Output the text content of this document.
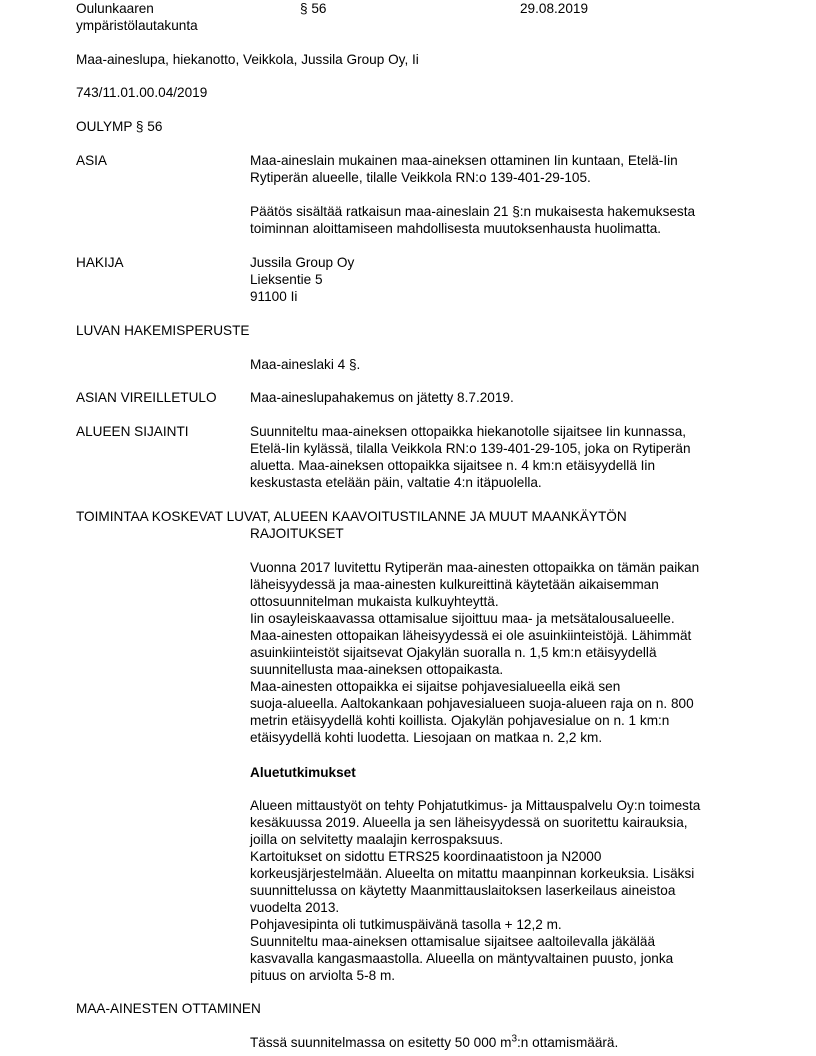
Oulunkaaren
ympäristölautakunta
§ 56	29.08.2019
Maa-ainеslupa, hiekanotto, Veikkola, Jussila Group Oy, Ii
743/11.01.00.04/2019
OULYMP § 56
ASIA	Maa-aineslain mukainen maa-aineksen ottaminen Iin kuntaan, Etelä-Iin
Rytiperän alueelle, tilalle Veikkola RN:o 139-401-29-105.

Päätös sisältää ratkaisun maa-aineslain 21 §:n mukaisesta hakemuksesta
toiminnan aloittamiseen mahdollisesta muutoksenhausta huolimatta.

HAKIJA	Jussila Group Oy
Lieksentie 5
91100 Ii
LUVAN HAKEMISPERUSTE
Maa-aineslaki 4 §.
ASIAN VIREILLETULO Maa-aineslupahakemus on jätetty 8.7.2019.
ALUEEN SIJAINTI	Suunniteltu maa-aineksen ottopaikka hiekanotolle sijaitsee Iin kunnassa,
Etelä-Iin kylässä, tilalla Veikkola RN:o 139-401-29-105, joka on Rytiperän
aluetta. Maa-aineksen ottopaikka sijaitsee n. 4 km:n etäisyydellä Iin
keskustasta etelään päin, valtatie 4:n itäpuolella.

TOIMINTAA KOSKEVAT LUVAT, ALUEEN KAAVOITUSTILANNE JA MUUT MAANKÄYTÖN
RAJOITUKSET

Vuonna 2017 luvitettu Rytiperän maa-ainesten ottopaikka on tämän paikan
läheisyydessä ja maa-ainesten kulkureittinä käytetään aikaisemman
ottosuunnitelman mukaista kulkuyhteyttä.
Iin osayleiskaavassa ottamisalue sijoittuu maa- ja metsätalousalueelle.
Maa-ainesten ottopaikan läheisyydessä ei ole asuinkiinteistöjä. Lähimmät
asuinkiinteistöt sijaitsevat Ojakylän suoralla n. 1,5 km:n etäisyydellä
suunnitellusta maa-aineksen ottopaikasta.
Maa-ainesten ottopaikka ei sijaitse pohjavesialueella eikä sen
suoja-alueella. Aaltokankaan pohjavesialueen suoja-alueen raja on n. 800
metrin etäisyydellä kohti koillista. Ojakylän pohjavesialue on n. 1 km:n
etäisyydellä kohti luodetta. Liesojaan on matkaa n. 2,2 km.

Aluetutkimukset

Alueen mittaustyöt on tehty Pohjatutkimus- ja Mittauspalvelu Oy:n toimesta
kesäkuussa 2019. Alueella ja sen läheisyydessä on suoritettu kairauksia,
joilla on selvitetty maalajin kerrospaksuus.
Kartoitukset on sidottu ETRS25 koordinaatistoon ja N2000
korkeusjärjestelmään. Alueelta on mitattu maanpinnan korkeuksia. Lisäksi
suunnittelussa on käytetty Maanmittauslaitoksen laserkeilaus aineistoa
vuodelta 2013.
Pohjavesipinta oli tutkimuspäivänä tasolla + 12,2 m.
Suunniteltu maa-aineksen ottamisalue sijaitsee aaltoilevalla jäkälää
kasvavalla kangasmaastolla. Alueella on mäntyvaltainen puusto, jonka
pituus on arviolta 5-8 m.

MAA-AINESTEN OTTAMINEN
Tässä suunnitelmassa on esitetty 50 000 $m^3:n$ ottamismäärä.
